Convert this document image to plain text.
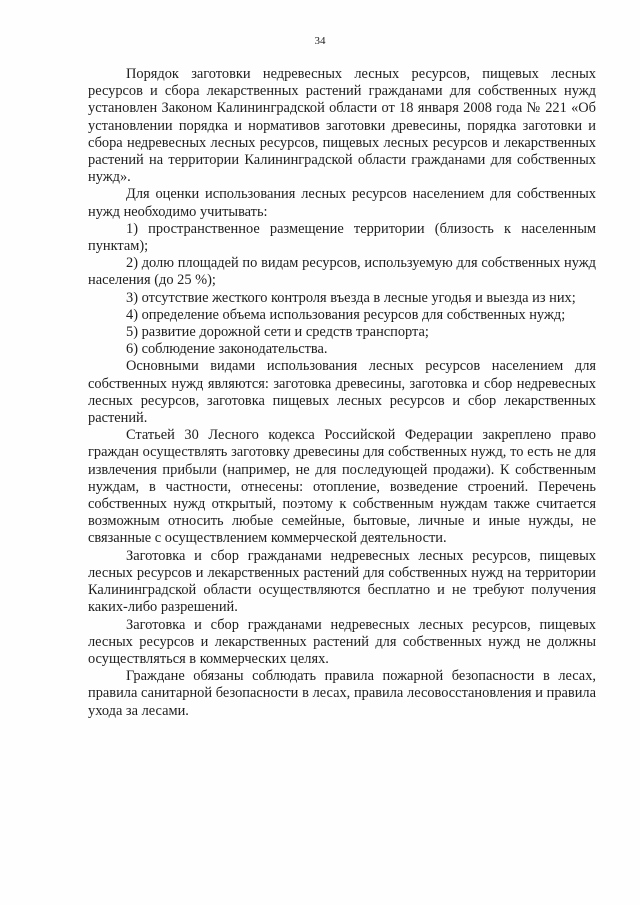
34

Порядок заготовки недревесных лесных ресурсов, пищевых лесных ресурсов и сбора лекарственных растений гражданами для собственных нужд установлен Законом Калининградской области от 18 января 2008 года № 221 «Об установлении порядка и нормативов заготовки древесины, порядка заготовки и сбора недревесных лесных ресурсов, пищевых лесных ресурсов и лекарственных растений на территории Калининградской области гражданами для собственных нужд».

Для оценки использования лесных ресурсов населением для собственных нужд необходимо учитывать:

1) пространственное размещение территории (близость к населенным пунктам);

2) долю площадей по видам ресурсов, используемую для собственных нужд населения (до 25 %);

3) отсутствие жесткого контроля въезда в лесные угодья и выезда из них;

4) определение объема использования ресурсов для собственных нужд;

5) развитие дорожной сети и средств транспорта;

6) соблюдение законодательства.

Основными видами использования лесных ресурсов населением для собственных нужд являются: заготовка древесины, заготовка и сбор недревесных лесных ресурсов, заготовка пищевых лесных ресурсов и сбор лекарственных растений.

Статьей 30 Лесного кодекса Российской Федерации закреплено право граждан осуществлять заготовку древесины для собственных нужд, то есть не для извлечения прибыли (например, не для последующей продажи). К собственным нуждам, в частности, отнесены: отопление, возведение строений. Перечень собственных нужд открытый, поэтому к собственным нуждам также считается возможным относить любые семейные, бытовые, личные и иные нужды, не связанные с осуществлением коммерческой деятельности.

Заготовка и сбор гражданами недревесных лесных ресурсов, пищевых лесных ресурсов и лекарственных растений для собственных нужд на территории Калининградской области осуществляются бесплатно и не требуют получения каких-либо разрешений.

Заготовка и сбор гражданами недревесных лесных ресурсов, пищевых лесных ресурсов и лекарственных растений для собственных нужд не должны осуществляться в коммерческих целях.

Граждане обязаны соблюдать правила пожарной безопасности в лесах, правила санитарной безопасности в лесах, правила лесовосстановления и правила ухода за лесами.
